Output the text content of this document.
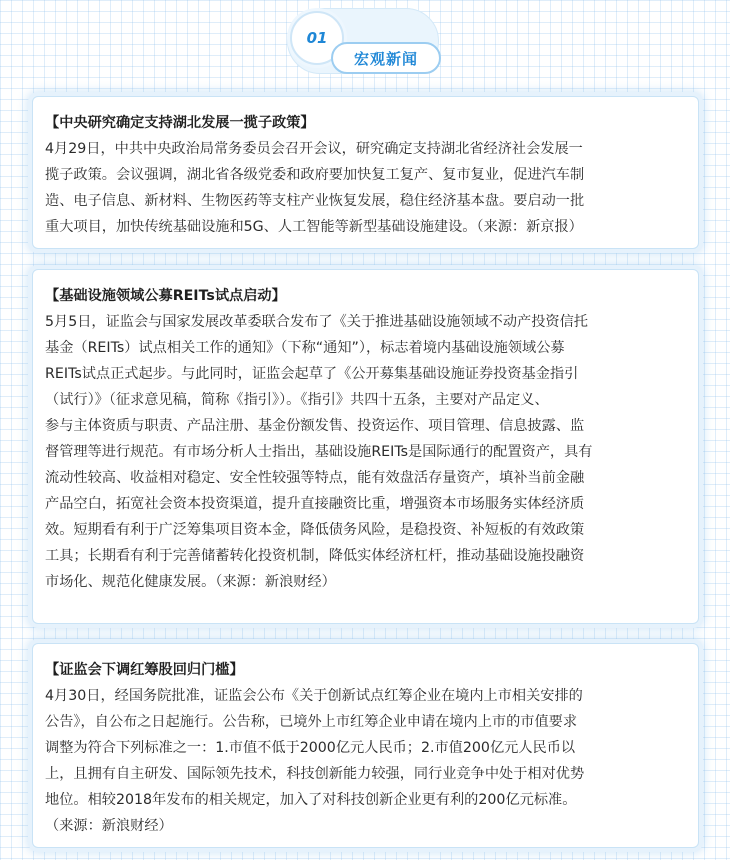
01
宏观新闻
【中央研究确定支持湖北发展一揽子政策】
4月29日，中共中央政治局常务委员会召开会议，研究确定支持湖北省经济社会发展一
揽子政策。会议强调，湖北省各级党委和政府要加快复工复产、复市复业，促进汽车制
造、电子信息、新材料、生物医药等支柱产业恢复发展，稳住经济基本盘。要启动一批
重大项目，加快传统基础设施和5G、人工智能等新型基础设施建设。（来源：新京报）
【基础设施领域公募REITs试点启动】
5月5日，证监会与国家发展改革委联合发布了《关于推进基础设施领域不动产投资信托
基金（REITs）试点相关工作的通知》（下称“通知”），标志着境内基础设施领域公募
REITs试点正式起步。与此同时，证监会起草了《公开募集基础设施证券投资基金指引
（试行）》（征求意见稿，简称《指引》）。《指引》共四十五条，主要对产品定义、
参与主体资质与职责、产品注册、基金份额发售、投资运作、项目管理、信息披露、监
督管理等进行规范。有市场分析人士指出，基础设施REITs是国际通行的配置资产，具有
流动性较高、收益相对稳定、安全性较强等特点，能有效盘活存量资产，填补当前金融
产品空白，拓宽社会资本投资渠道，提升直接融资比重，增强资本市场服务实体经济质
效。短期看有利于广泛筹集项目资本金，降低债务风险，是稳投资、补短板的有效政策
工具；长期看有利于完善储蓄转化投资机制，降低实体经济杠杆，推动基础设施投融资
市场化、规范化健康发展。（来源：新浪财经）
【证监会下调红筹股回归门槛】
4月30日，经国务院批准，证监会公布《关于创新试点红筹企业在境内上市相关安排的
公告》，自公布之日起施行。公告称，已境外上市红筹企业申请在境内上市的市值要求
调整为符合下列标准之一：1.市值不低于2000亿元人民币；2.市值200亿元人民币以
上，且拥有自主研发、国际领先技术，科技创新能力较强，同行业竞争中处于相对优势
地位。相较2018年发布的相关规定，加入了对科技创新企业更有利的200亿元标准。
（来源：新浪财经）
